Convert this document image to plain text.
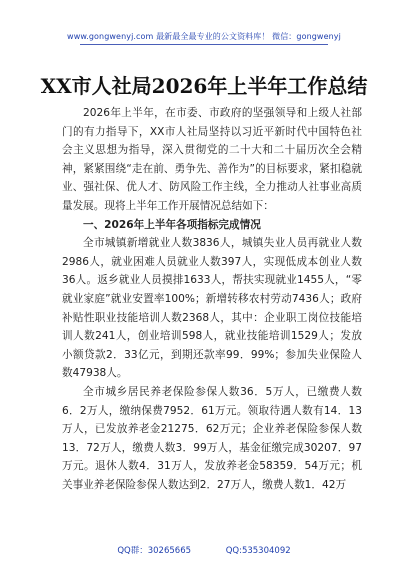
www.gongwenyj.com 最新最全最专业的公文资料库！ 微信：gongwenyj
XX市人社局2026年上半年工作总结

2026年上半年，在市委、市政府的坚强领导和上级人社部门的有力指导下，XX市人社局坚持以习近平新时代中国特色社会主义思想为指导，深入贯彻党的二十大和二十届历次全会精神，紧紧围绕“走在前、勇争先、善作为”的目标要求，紧扣稳就业、强社保、优人才、防风险工作主线，全力推动人社事业高质量发展。现将上半年工作开展情况总结如下：

一、2026年上半年各项指标完成情况

全市城镇新增就业人数3836人，城镇失业人员再就业人数2986人，就业困难人员就业人数397人，实现低成本创业人数36人。返乡就业人员摸排1633人，帮扶实现就业1455人，“零就业家庭”就业安置率100%；新增转移农村劳动7436人；政府补贴性职业技能培训人数2368人，其中：企业职工岗位技能培训人数241人，创业培训598人，就业技能培训1529人；发放小额贷款2．33亿元，到期还款率99．99%；参加失业保险人数47938人。

全市城乡居民养老保险参保人数36．5万人，已缴费人数6．2万人，缴纳保费7952．61万元。领取待遇人数有14．13万人，已发放养老金21275．62万元；企业养老保险参保人数13．72万人，缴费人数3．99万人，基金征缴完成30207．97万元。退休人数4．31万人，发放养老金58359．54万元；机关事业养老保险参保人数达到2．27万人，缴费人数1．42万

QQ群：30265665	QQ:535304092
